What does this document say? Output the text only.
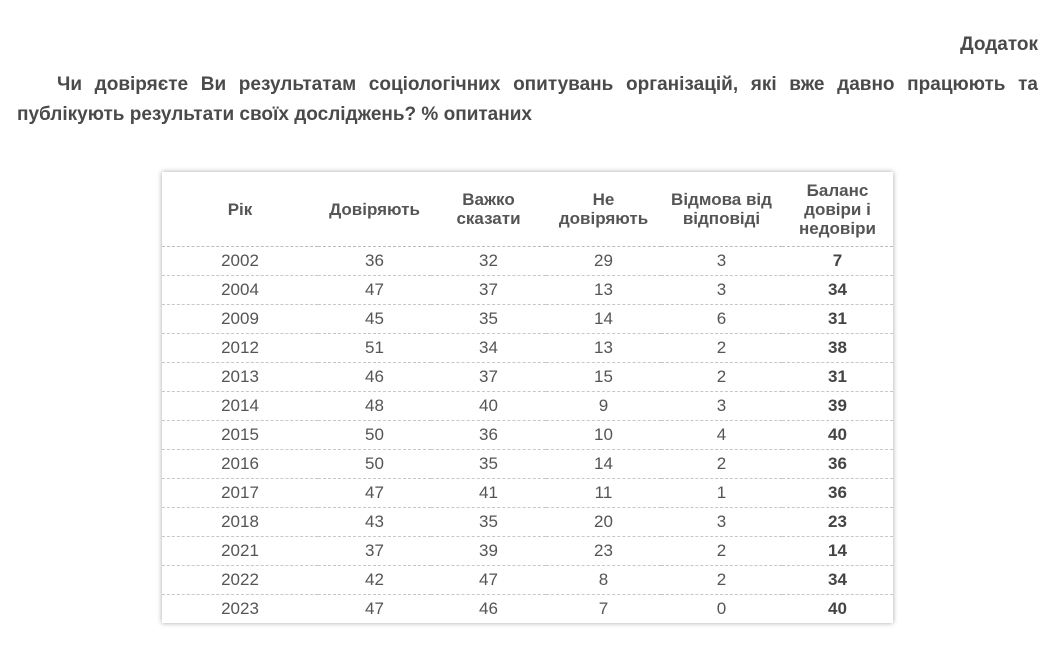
Додаток

Чи довіряєте Ви результатам соціологічних опитувань організацій, які вже давно працюють та публікують результати своїх досліджень? % опитаних

Рік	Довіряють	Важко сказати	Не довіряють	Відмова від відповіді	Баланс довіри і недовіри
2002	36	32	29	3	7
2004	47	37	13	3	34
2009	45	35	14	6	31
2012	51	34	13	2	38
2013	46	37	15	2	31
2014	48	40	9	3	39
2015	50	36	10	4	40
2016	50	35	14	2	36
2017	47	41	11	1	36
2018	43	35	20	3	23
2021	37	39	23	2	14
2022	42	47	8	2	34
2023	47	46	7	0	40
